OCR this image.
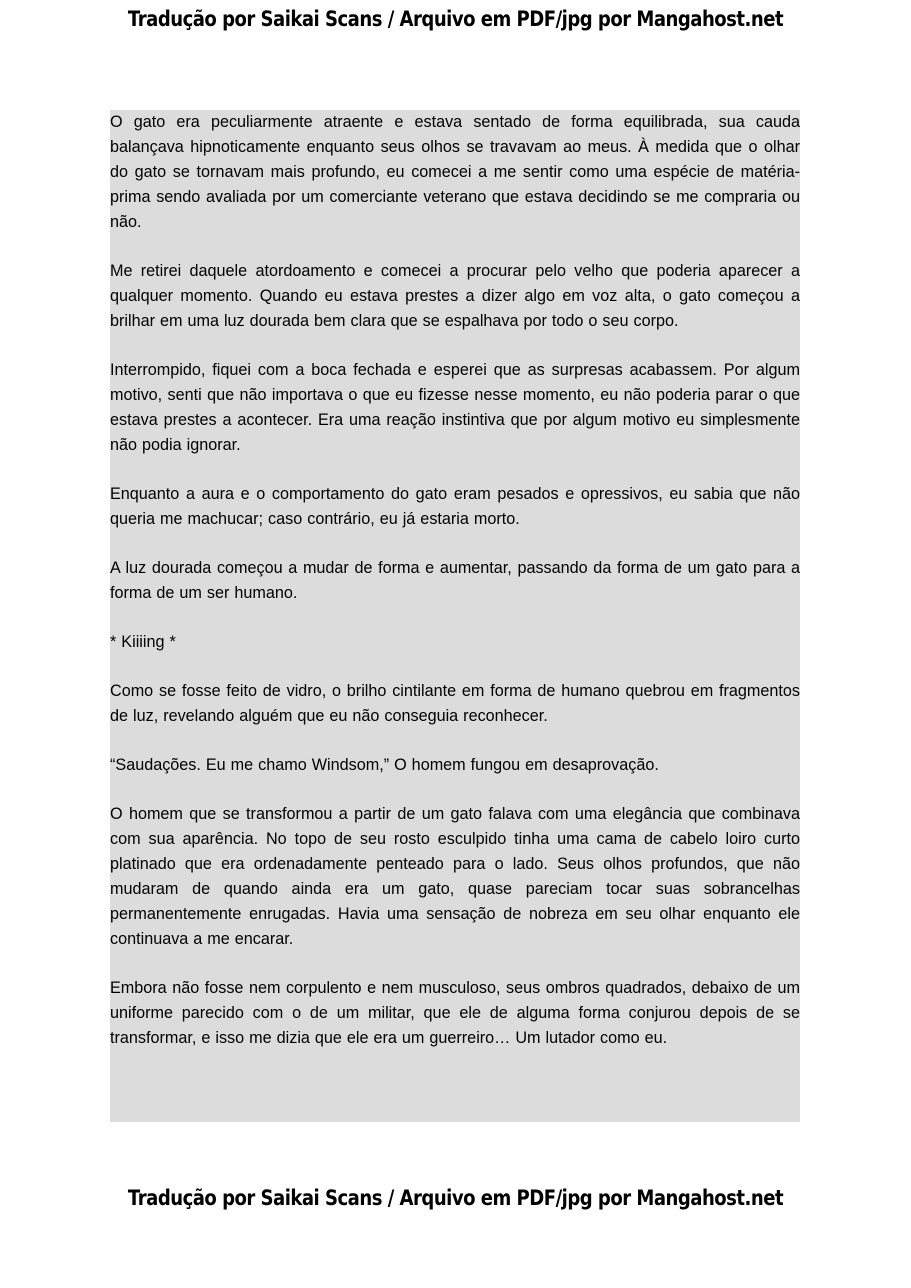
Tradução por Saikai Scans / Arquivo em PDF/jpg por Mangahost.net

O gato era peculiarmente atraente e estava sentado de forma equilibrada, sua cauda balançava hipnoticamente enquanto seus olhos se travavam ao meus. À medida que o olhar do gato se tornavam mais profundo, eu comecei a me sentir como uma espécie de matéria-prima sendo avaliada por um comerciante veterano que estava decidindo se me compraria ou não.

Me retirei daquele atordoamento e comecei a procurar pelo velho que poderia aparecer a qualquer momento. Quando eu estava prestes a dizer algo em voz alta, o gato começou a brilhar em uma luz dourada bem clara que se espalhava por todo o seu corpo.

Interrompido, fiquei com a boca fechada e esperei que as surpresas acabassem. Por algum motivo, senti que não importava o que eu fizesse nesse momento, eu não poderia parar o que estava prestes a acontecer. Era uma reação instintiva que por algum motivo eu simplesmente não podia ignorar.

Enquanto a aura e o comportamento do gato eram pesados e opressivos, eu sabia que não queria me machucar; caso contrário, eu já estaria morto.

A luz dourada começou a mudar de forma e aumentar, passando da forma de um gato para a forma de um ser humano.

* Kiiiing *

Como se fosse feito de vidro, o brilho cintilante em forma de humano quebrou em fragmentos de luz, revelando alguém que eu não conseguia reconhecer.

“Saudações. Eu me chamo Windsom,” O homem fungou em desaprovação.

O homem que se transformou a partir de um gato falava com uma elegância que combinava com sua aparência. No topo de seu rosto esculpido tinha uma cama de cabelo loiro curto platinado que era ordenadamente penteado para o lado. Seus olhos profundos, que não mudaram de quando ainda era um gato, quase pareciam tocar suas sobrancelhas permanentemente enrugadas. Havia uma sensação de nobreza em seu olhar enquanto ele continuava a me encarar.

Embora não fosse nem corpulento e nem musculoso, seus ombros quadrados, debaixo de um uniforme parecido com o de um militar, que ele de alguma forma conjurou depois de se transformar, e isso me dizia que ele era um guerreiro… Um lutador como eu.

Tradução por Saikai Scans / Arquivo em PDF/jpg por Mangahost.net
